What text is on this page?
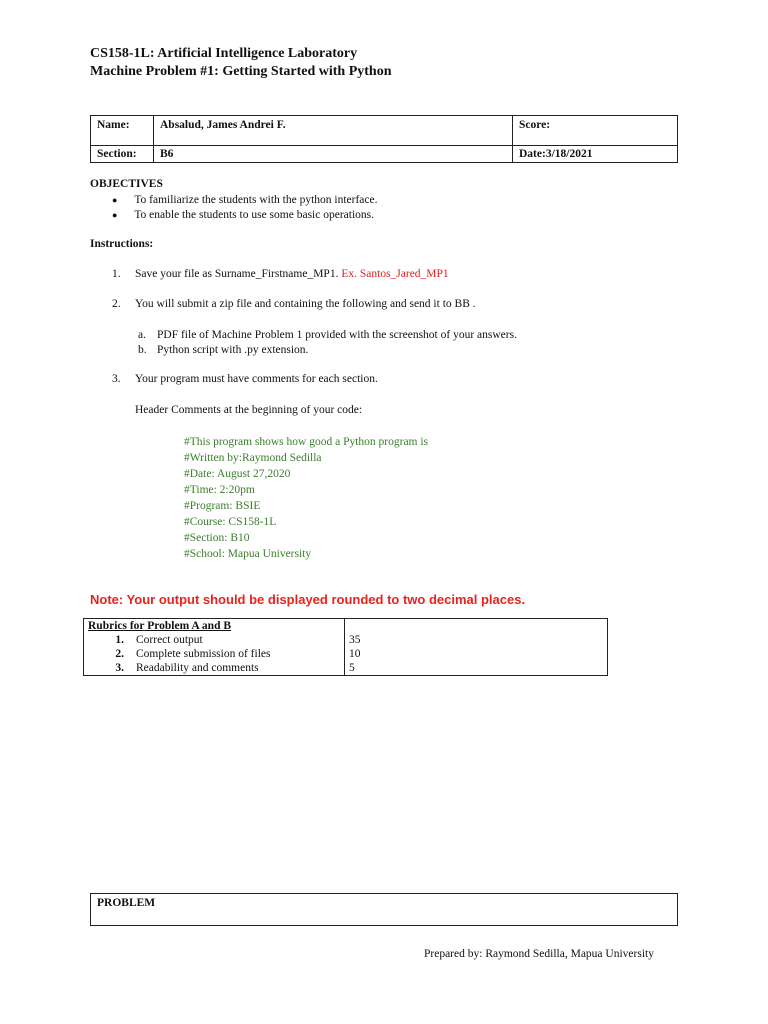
CS158-1L: Artificial Intelligence Laboratory
Machine Problem #1: Getting Started with Python
Name:	Absalud, James Andrei F.	Score:
Section:	B6	Date:3/18/2021
OBJECTIVES
● To familiarize the students with the python interface.
● To enable the students to use some basic operations.
Instructions:
1. Save your file as Surname_Firstname_MP1. Ex. Santos_Jared_MP1
2. You will submit a zip file and containing the following and send it to BB .
a. PDF file of Machine Problem 1 provided with the screenshot of your answers.
b. Python script with .py extension.
3. Your program must have comments for each section.
Header Comments at the beginning of your code:
#This program shows how good a Python program is
#Written by:Raymond Sedilla
#Date: August 27,2020
#Time: 2:20pm
#Program: BSIE
#Course: CS158-1L
#Section: B10
#School: Mapua University
Note: Your output should be displayed rounded to two decimal places.
Rubrics for Problem A and B	
1. Correct output	35
2. Complete submission of files	10
3. Readability and comments	5
PROBLEM
Prepared by: Raymond Sedilla, Mapua University
